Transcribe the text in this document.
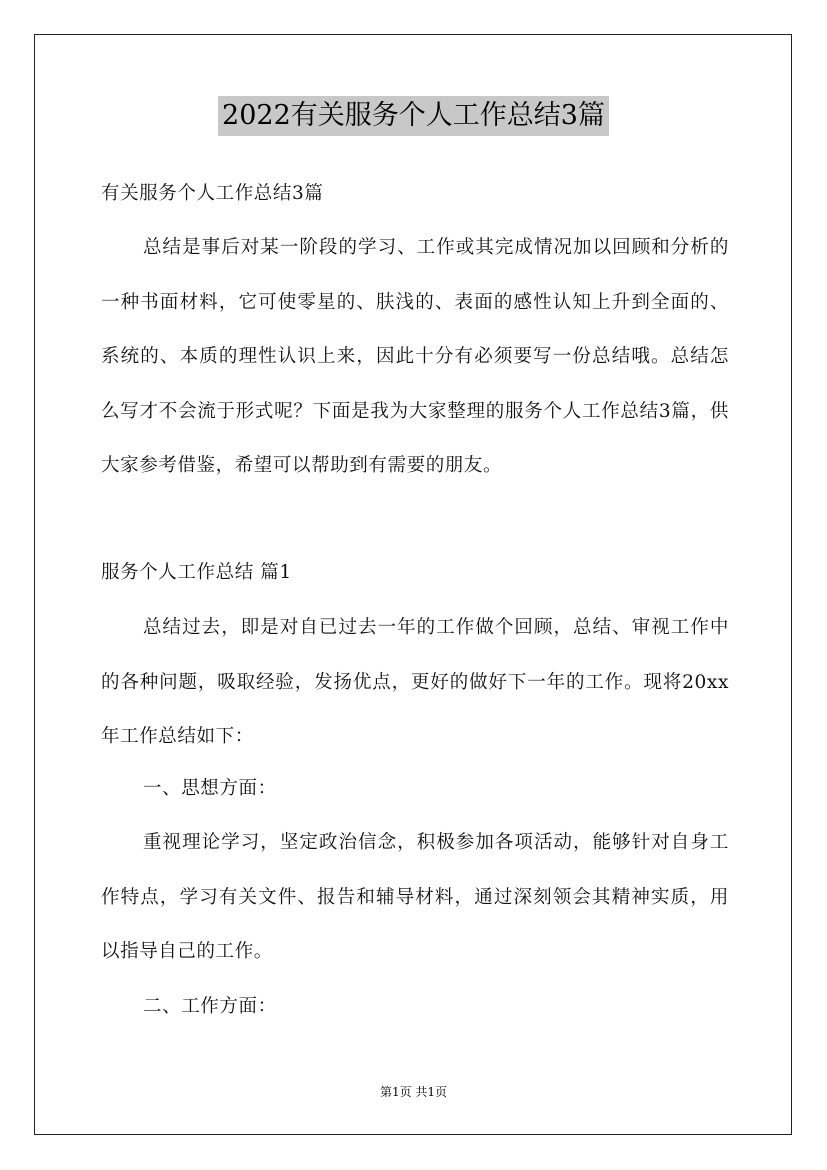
2022有关服务个人工作总结3篇

有关服务个人工作总结3篇

总结是事后对某一阶段的学习、工作或其完成情况加以回顾和分析的一种书面材料，它可使零星的、肤浅的、表面的感性认知上升到全面的、系统的、本质的理性认识上来，因此十分有必须要写一份总结哦。总结怎么写才不会流于形式呢？下面是我为大家整理的服务个人工作总结3篇，供大家参考借鉴，希望可以帮助到有需要的朋友。

服务个人工作总结 篇1

总结过去，即是对自已过去一年的工作做个回顾，总结、审视工作中的各种问题，吸取经验，发扬优点，更好的做好下一年的工作。现将20xx年工作总结如下：

一、思想方面：

重视理论学习，坚定政治信念，积极参加各项活动，能够针对自身工作特点，学习有关文件、报告和辅导材料，通过深刻领会其精神实质，用以指导自己的工作。

二、工作方面：

第1页 共1页
